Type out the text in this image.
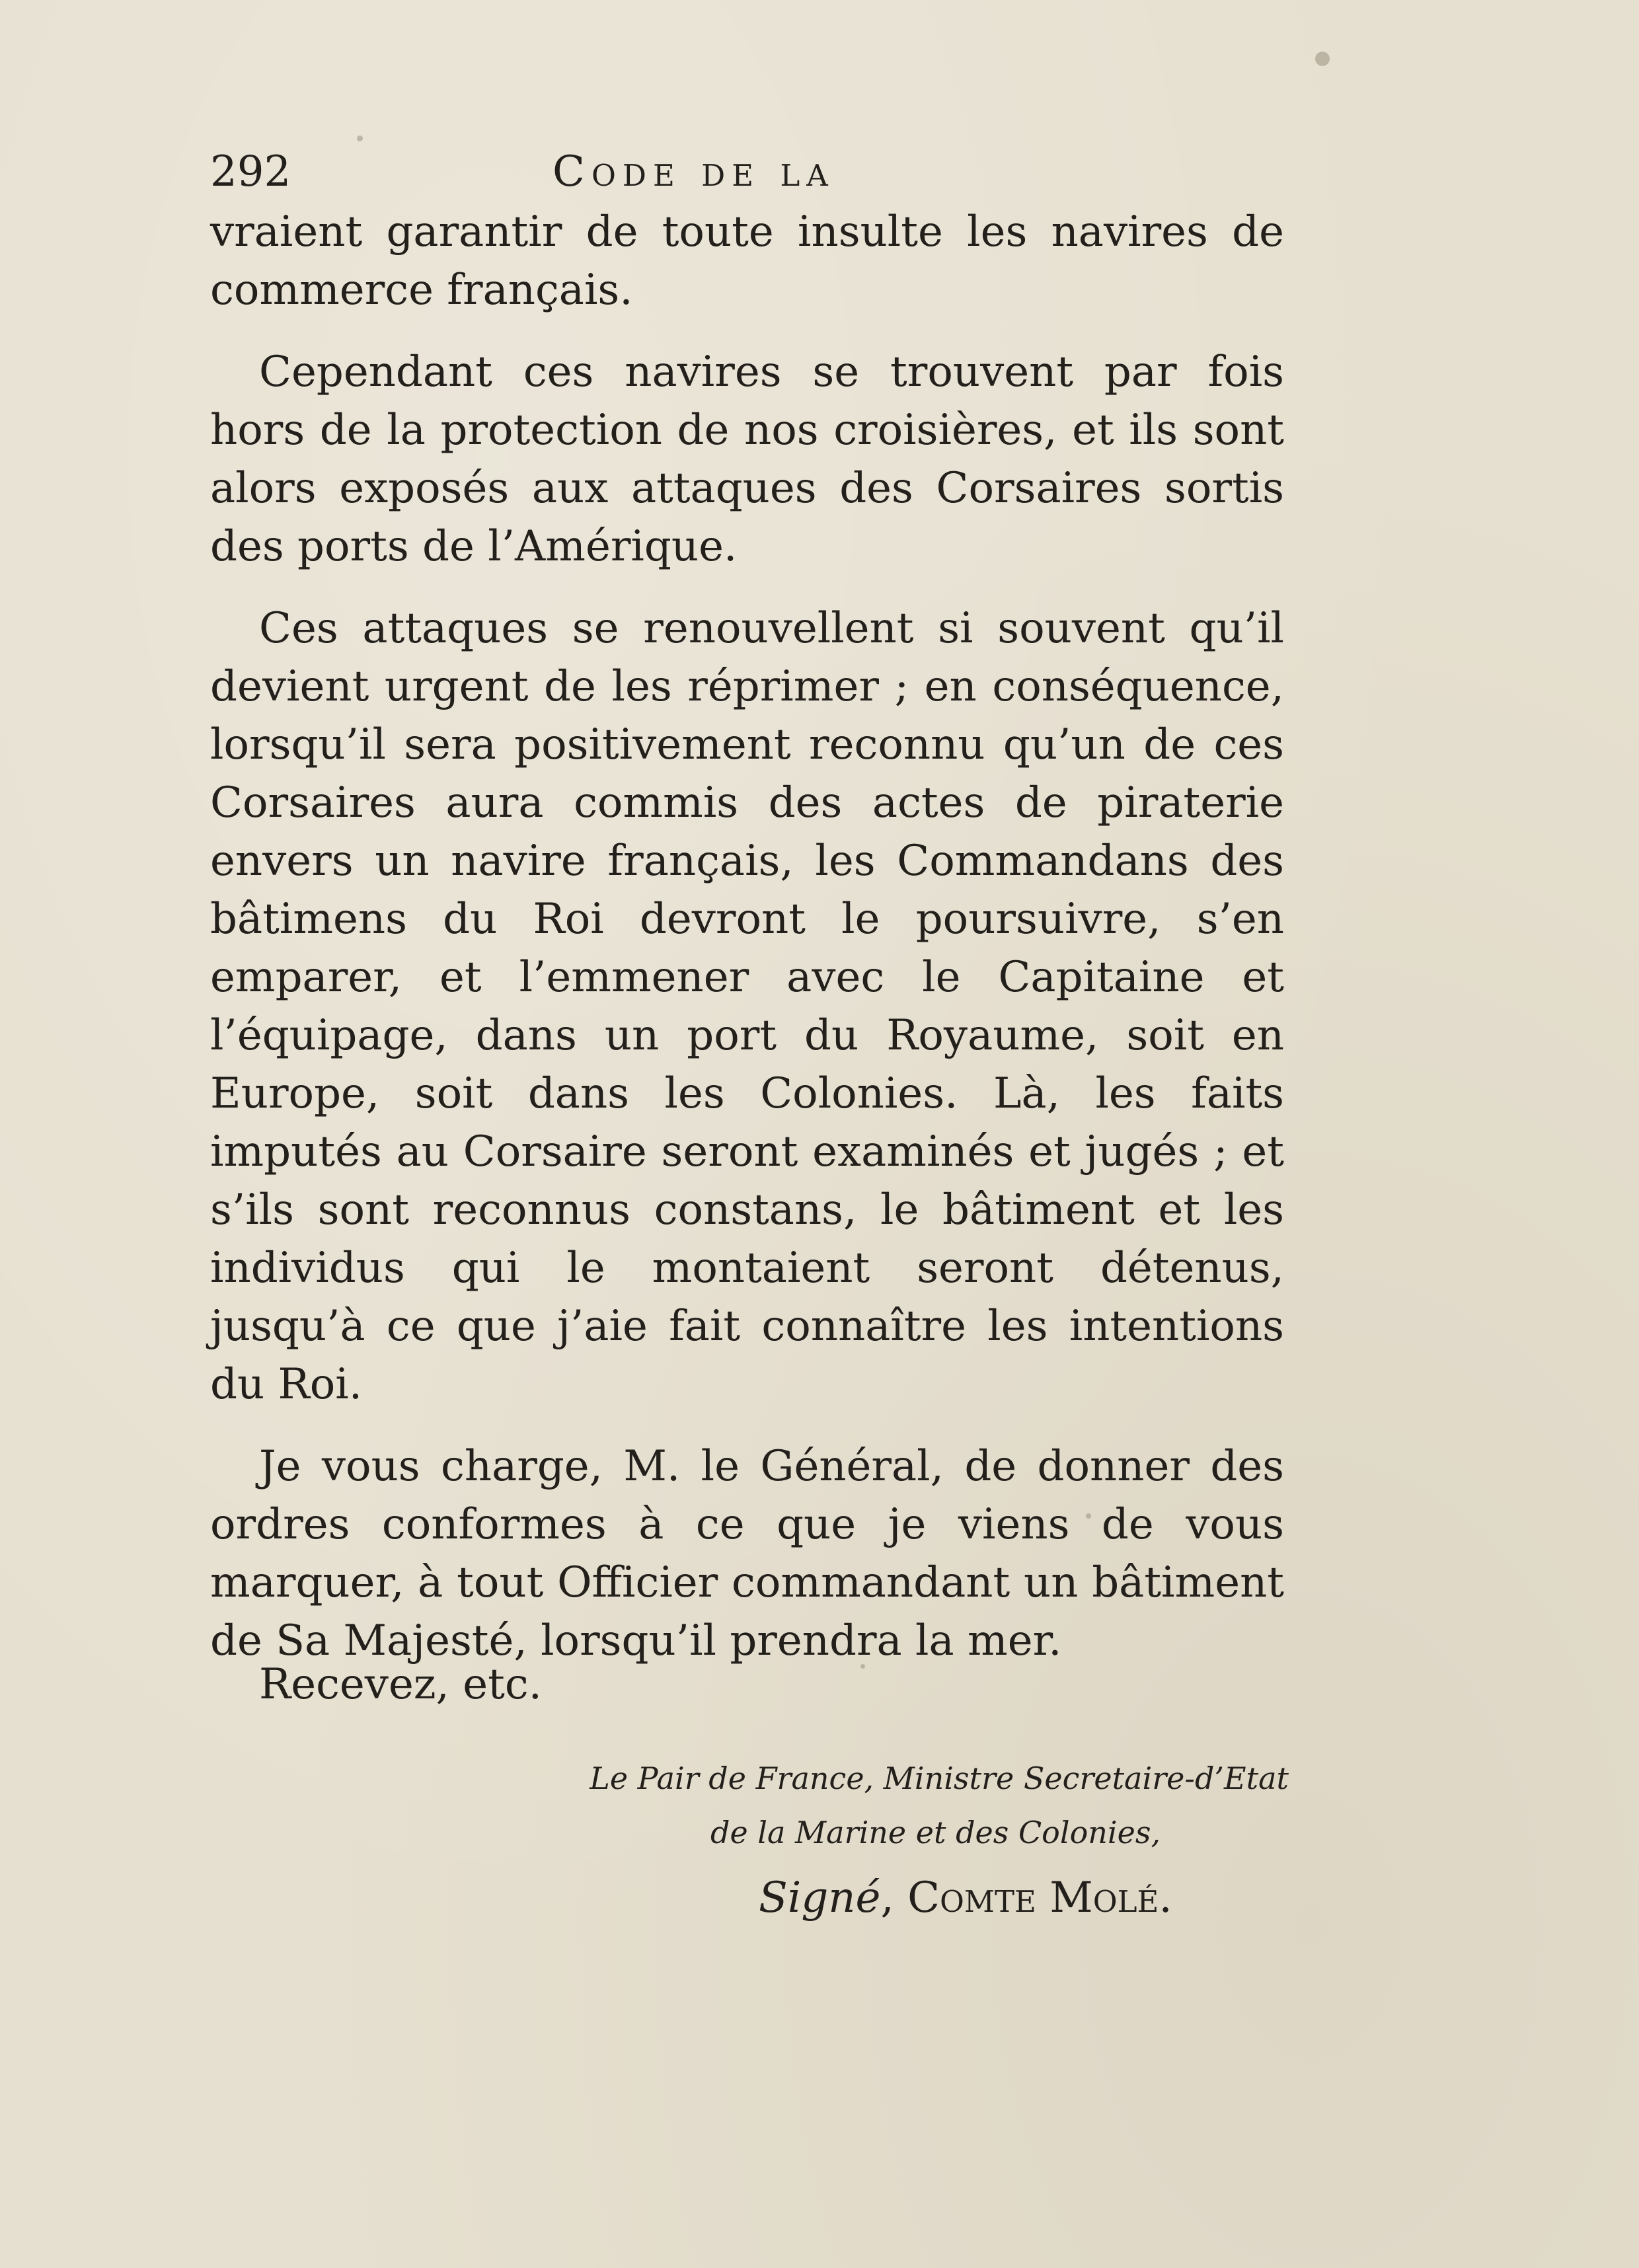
292	Code de la

vraient garantir de toute insulte les navires de commerce français.

Cependant ces navires se trouvent par fois hors de la protection de nos croisières, et ils sont alors exposés aux attaques des Corsaires sortis des ports de l’Amérique.

Ces attaques se renouvellent si souvent qu’il devient urgent de les réprimer ; en conséquence, lorsqu’il sera positivement reconnu qu’un de ces Corsaires aura commis des actes de piraterie envers un navire français, les Commandans des bâtimens du Roi devront le poursuivre, s’en emparer, et l’emmener avec le Capitaine et l’équipage, dans un port du Royaume, soit en Europe, soit dans les Colonies. Là, les faits imputés au Corsaire seront examinés et jugés ; et s’ils sont reconnus constans, le bâtiment et les individus qui le montaient seront détenus, jusqu’à ce que j’aie fait connaître les intentions du Roi.

Je vous charge, M. le Général, de donner des ordres conformes à ce que je viens de vous marquer, à tout Officier commandant un bâtiment de Sa Majesté, lorsqu’il prendra la mer.

Recevez, etc.
Le Pair de France, Ministre Secretaire-d’Etat
de la Marine et des Colonies,
Signé, Comte Molé.
